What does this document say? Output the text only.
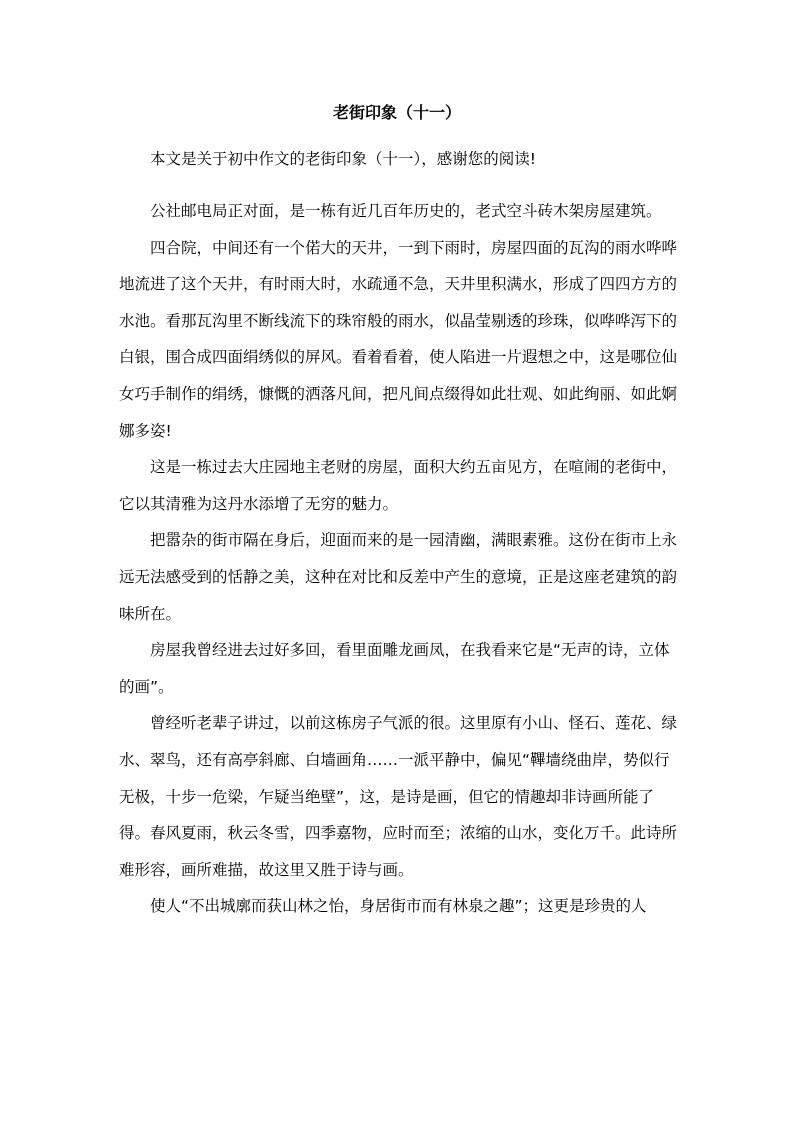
老街印象（十一）

本文是关于初中作文的老街印象（十一），感谢您的阅读!

公社邮电局正对面，是一栋有近几百年历史的，老式空斗砖木架房屋建筑。

四合院，中间还有一个偌大的天井，一到下雨时，房屋四面的瓦沟的雨水哗哗地流进了这个天井，有时雨大时，水疏通不急，天井里积满水，形成了四四方方的水池。看那瓦沟里不断线流下的珠帘般的雨水，似晶莹剔透的珍珠，似哗哗泻下的白银，围合成四面绢绣似的屏风。看着看着，使人陷进一片遐想之中，这是哪位仙女巧手制作的绢绣，慷慨的洒落凡间，把凡间点缀得如此壮观、如此绚丽、如此婀娜多姿!

这是一栋过去大庄园地主老财的房屋，面积大约五亩见方，在喧闹的老街中，它以其清雅为这丹水添增了无穷的魅力。

把嚣杂的街市隔在身后，迎面而来的是一园清幽，满眼素雅。这份在街市上永远无法感受到的恬静之美，这种在对比和反差中产生的意境，正是这座老建筑的韵味所在。

房屋我曾经进去过好多回，看里面雕龙画凤，在我看来它是“无声的诗，立体的画”。

曾经听老辈子讲过，以前这栋房子气派的很。这里原有小山、怪石、莲花、绿水、翠鸟，还有高亭斜廊、白墙画角……一派平静中，偏见“鞸墙绕曲岸，势似行无极，十步一危梁，乍疑当绝壁”，这，是诗是画，但它的情趣却非诗画所能了得。春风夏雨，秋云冬雪，四季嘉物，应时而至；浓缩的山水，变化万千。此诗所难形容，画所难描，故这里又胜于诗与画。

使人“不出城廓而获山林之怡，身居街市而有林泉之趣”；这更是珍贵的人
